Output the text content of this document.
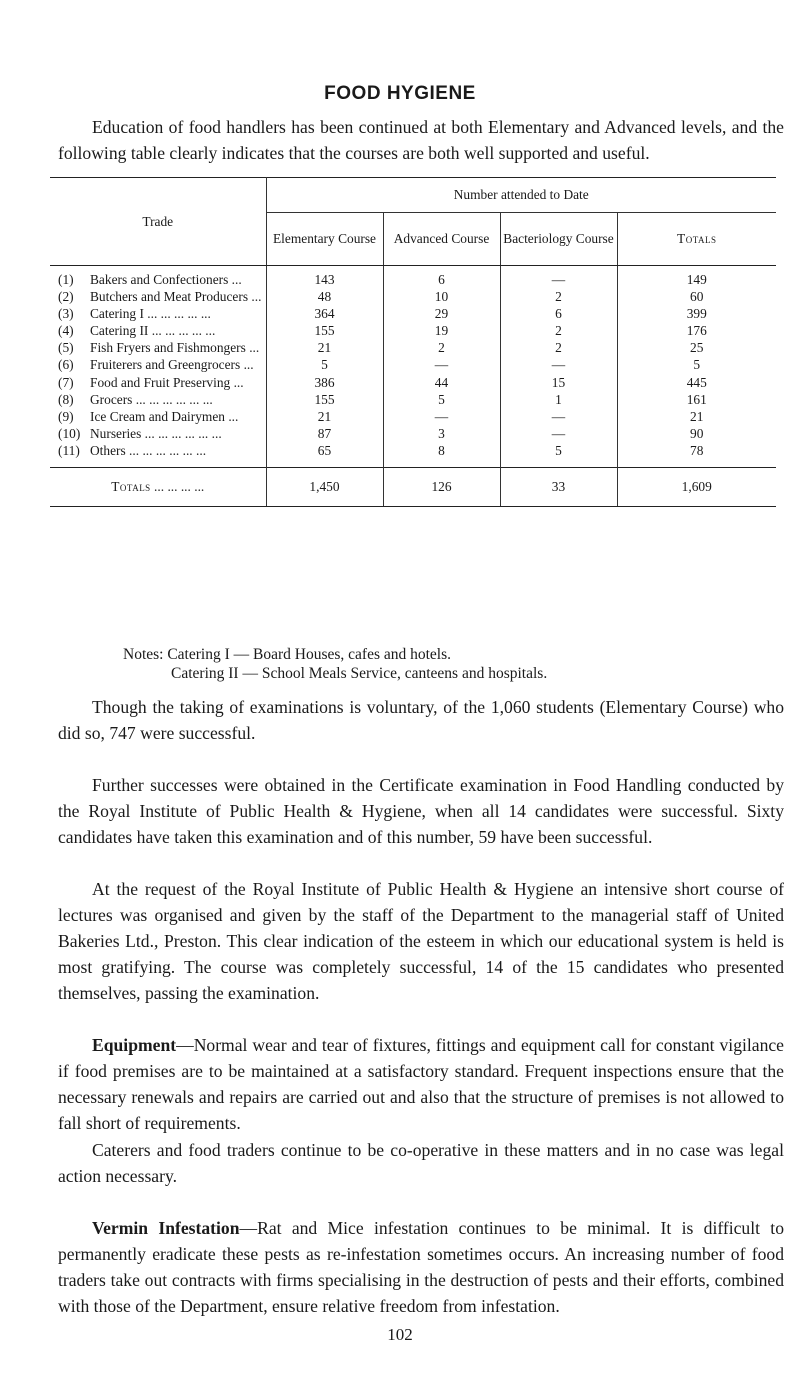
FOOD HYGIENE

Education of food handlers has been continued at both Elementary and Advanced levels, and the following table clearly indicates that the courses are both well supported and useful.

Trade	Number attended to Date			
	Elementary Course	Advanced Course	Bacteriology Course	Totals
(1) Bakers and Confectioners ...	143	6	—	149
(2) Butchers and Meat Producers ...	48	10	2	60
(3) Catering I ... ... ... ... ...	364	29	6	399
(4) Catering II ... ... ... ... ...	155	19	2	176
(5) Fish Fryers and Fishmongers ...	21	2	2	25
(6) Fruiterers and Greengrocers ...	5	—	—	5
(7) Food and Fruit Preserving ...	386	44	15	445
(8) Grocers ... ... ... ... ... ...	155	5	1	161
(9) Ice Cream and Dairymen ...	21	—	—	21
(10) Nurseries ... ... ... ... ... ...	87	3	—	90
(11) Others ... ... ... ... ... ...	65	8	5	78
Totals ... ... ... ...	1,450	126	33	1,609
Notes: Catering I — Board Houses, cafes and hotels.
Catering II — School Meals Service, canteens and hospitals.

Though the taking of examinations is voluntary, of the 1,060 students (Elementary Course) who did so, 747 were successful.

Further successes were obtained in the Certificate examination in Food Handling conducted by the Royal Institute of Public Health & Hygiene, when all 14 candidates were successful. Sixty candidates have taken this examination and of this number, 59 have been successful.

At the request of the Royal Institute of Public Health & Hygiene an intensive short course of lectures was organised and given by the staff of the Department to the managerial staff of United Bakeries Ltd., Preston. This clear indication of the esteem in which our educational system is held is most gratifying. The course was completely successful, 14 of the 15 candidates who presented themselves, passing the examination.

Equipment—Normal wear and tear of fixtures, fittings and equipment call for constant vigilance if food premises are to be maintained at a satisfactory standard. Frequent inspections ensure that the necessary renewals and repairs are carried out and also that the structure of premises is not allowed to fall short of requirements.

Caterers and food traders continue to be co-operative in these matters and in no case was legal action necessary.

Vermin Infestation—Rat and Mice infestation continues to be minimal. It is difficult to permanently eradicate these pests as re-infestation sometimes occurs. An increasing number of food traders take out contracts with firms specialising in the destruction of pests and their efforts, combined with those of the Department, ensure relative freedom from infestation.

102
